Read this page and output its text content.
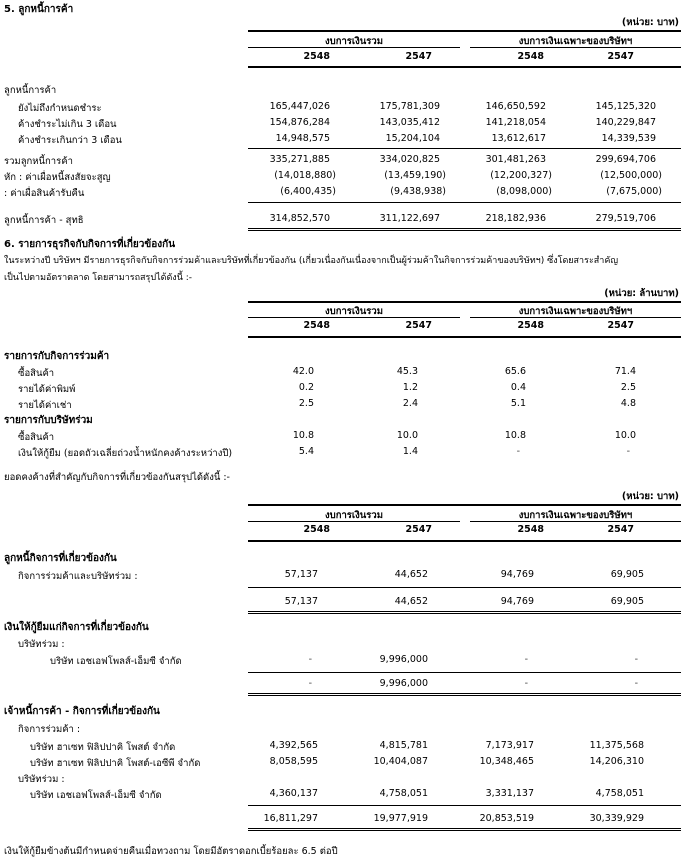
5. ลูกหนี้การค้า
(หน่วย: บาท)
งบการเงินรวม	งบการเงินเฉพาะของบริษัทฯ
2548	2547	2548	2547
ลูกหนี้การค้า
ยังไม่ถึงกำหนดชำระ	165,447,026	175,781,309	146,650,592	145,125,320
ค้างชำระไม่เกิน 3 เดือน	154,876,284	143,035,412	141,218,054	140,229,847
ค้างชำระเกินกว่า 3 เดือน	14,948,575	15,204,104	13,612,617	14,339,539
รวมลูกหนี้การค้า	335,271,885	334,020,825	301,481,263	299,694,706
หัก : ค่าเผื่อหนี้สงสัยจะสูญ	(14,018,880)	(13,459,190)	(12,200,327)	(12,500,000)
: ค่าเผื่อสินค้ารับคืน	(6,400,435)	(9,438,938)	(8,098,000)	(7,675,000)
ลูกหนี้การค้า - สุทธิ	314,852,570	311,122,697	218,182,936	279,519,706
6. รายการธุรกิจกับกิจการที่เกี่ยวข้องกัน
ในระหว่างปี บริษัทฯ มีรายการธุรกิจกับกิจการร่วมค้าและบริษัทที่เกี่ยวข้องกัน (เกี่ยวเนื่องกันเนื่องจากเป็นผู้ร่วมค้าในกิจการร่วมค้าของบริษัทฯ) ซึ่งโดยสาระสำคัญ
เป็นไปตามอัตราตลาด โดยสามารถสรุปได้ดังนี้ :-
(หน่วย: ล้านบาท)
งบการเงินรวม	งบการเงินเฉพาะของบริษัทฯ
2548	2547	2548	2547
รายการกับกิจการร่วมค้า
ซื้อสินค้า	42.0	45.3	65.6	71.4
รายได้ค่าพิมพ์	0.2	1.2	0.4	2.5
รายได้ค่าเช่า	2.5	2.4	5.1	4.8
รายการกับบริษัทร่วม
ซื้อสินค้า	10.8	10.0	10.8	10.0
เงินให้กู้ยืม (ยอดถัวเฉลี่ยถ่วงน้ำหนักคงค้างระหว่างปี)	5.4	1.4	-	-
ยอดคงค้างที่สำคัญกับกิจการที่เกี่ยวข้องกันสรุปได้ดังนี้ :-
(หน่วย: บาท)
งบการเงินรวม	งบการเงินเฉพาะของบริษัทฯ
2548	2547	2548	2547
ลูกหนี้กิจการที่เกี่ยวข้องกัน
กิจการร่วมค้าและบริษัทร่วม :	57,137	44,652	94,769	69,905
57,137	44,652	94,769	69,905
เงินให้กู้ยืมแก่กิจการที่เกี่ยวข้องกัน
บริษัทร่วม :
บริษัท เอชเอฟโพลส์-เอ็มซี จำกัด	-	9,996,000	-	-
-	9,996,000	-	-
เจ้าหนี้การค้า - กิจการที่เกี่ยวข้องกัน
กิจการร่วมค้า :
บริษัท ฮาเซท ฟิลิปปาคิ โพสต์ จำกัด	4,392,565	4,815,781	7,173,917	11,375,568
บริษัท ฮาเซท ฟิลิปปาคิ โพสต์-เอซีพี จำกัด	8,058,595	10,404,087	10,348,465	14,206,310
บริษัทร่วม :
บริษัท เอชเอฟโพลส์-เอ็มซี จำกัด	4,360,137	4,758,051	3,331,137	4,758,051
16,811,297	19,977,919	20,853,519	30,339,929
เงินให้กู้ยืมข้างต้นมีกำหนดจ่ายคืนเมื่อทวงถาม โดยมีอัตราดอกเบี้ยร้อยละ 6.5 ต่อปี
